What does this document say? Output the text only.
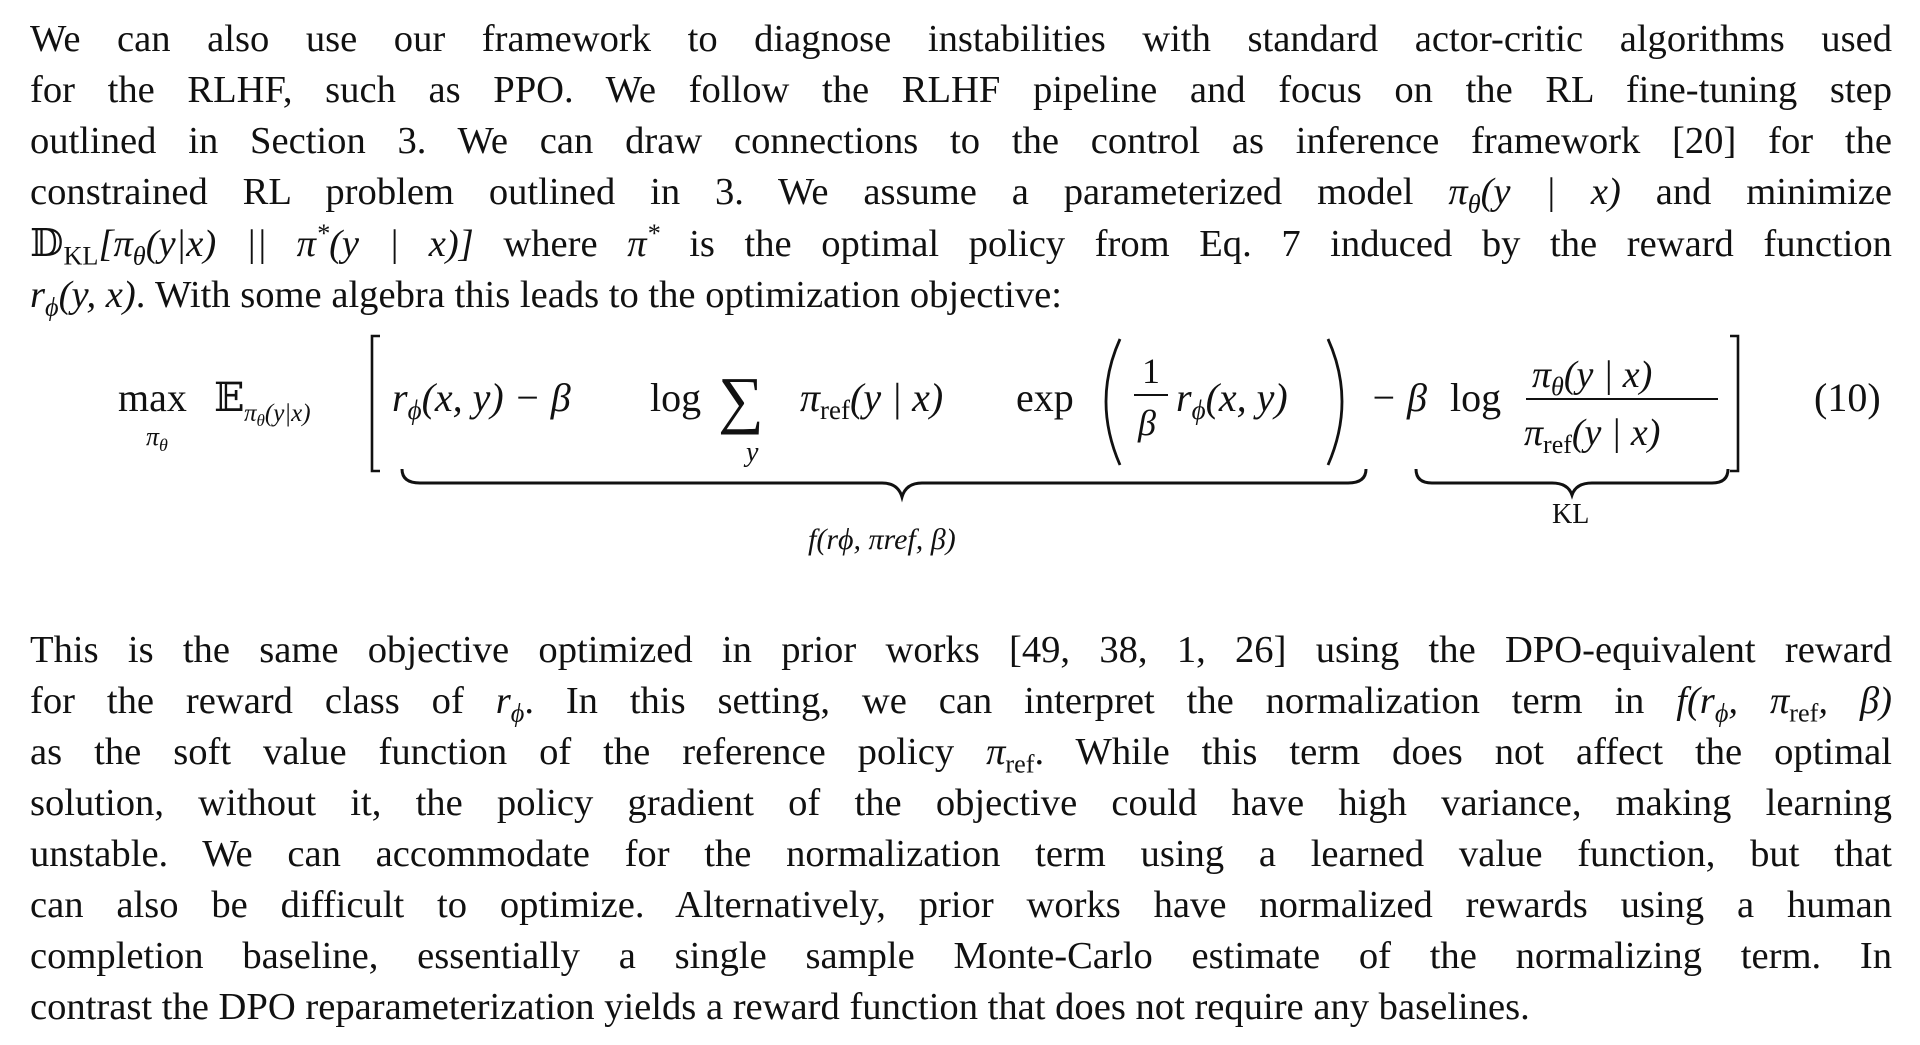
We can also use our framework to diagnose instabilities with standard actor-critic algorithms used
for the RLHF, such as PPO. We follow the RLHF pipeline and focus on the RL fine-tuning step
outlined in Section 3. We can draw connections to the control as inference framework [20] for the
constrained RL problem outlined in 3. We assume a parameterized model $\pi_\theta(y$ | x) and minimize
$𝔻_{KL}[\pi_\theta(y|x)$ || π*(y | x)] where π* is the optimal policy from Eq. 7 induced by the reward function
$r_\phi(y$, x). With some algebra this leads to the optimization objective:

max
$\pi_\theta$
𝔼 $\pi_\theta(y|x)$ $r_\phi(x$, y) − β log ∑
y
$\pi_{ref}(y$ | x) exp
1
β
$r_\phi(x$, y) − β $\log \pi_\theta(y$ | x)
$\pi_{ref}(y$ | x)
f(rϕ, πref, β)
KL
(10)

This is the same objective optimized in prior works [49, 38, 1, 26] using the DPO-equivalent reward
for the reward class of $r_\phi$. In this setting, we can interpret the normalization term in $f(r_\phi$, $\pi_{ref}$, β)
as the soft value function of the reference policy $\pi_{ref}$. While this term does not affect the optimal
solution, without it, the policy gradient of the objective could have high variance, making learning
unstable. We can accommodate for the normalization term using a learned value function, but that
can also be difficult to optimize. Alternatively, prior works have normalized rewards using a human
completion baseline, essentially a single sample Monte-Carlo estimate of the normalizing term. In
contrast the DPO reparameterization yields a reward function that does not require any baselines.
